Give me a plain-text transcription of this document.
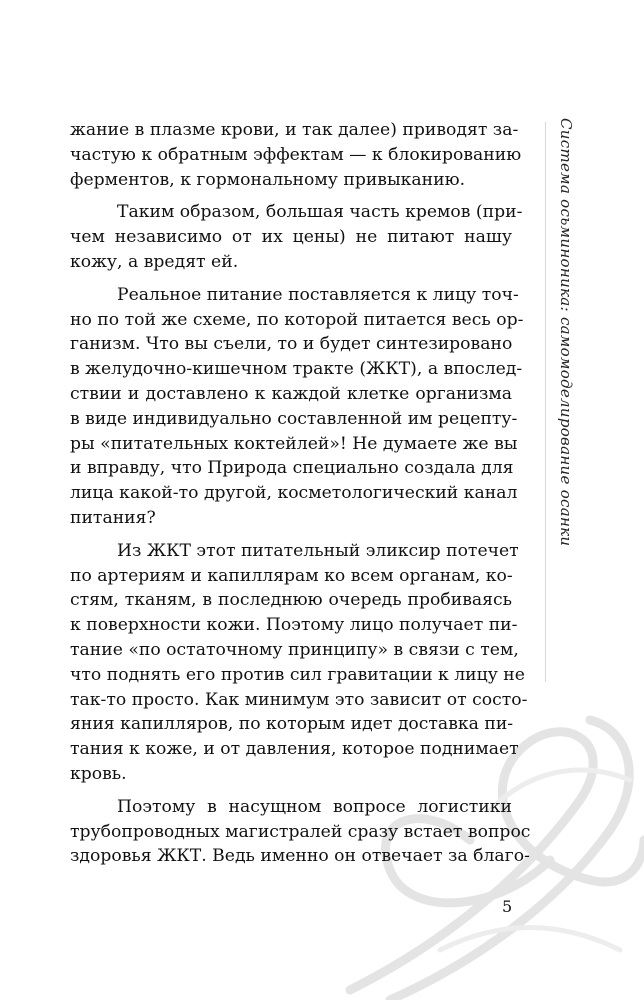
Система осьминоника: самомоделирование осанки
жание в плазме крови, и так далее) приводят за-
частую к обратным эффектам — к блокированию
ферментов, к гормональному привыканию.
Таким образом, большая часть кремов (при-
чем независимо от их цены) не питают нашу
кожу, а вредят ей.
Реальное питание поставляется к лицу точ-
но по той же схеме, по которой питается весь ор-
ганизм. Что вы съели, то и будет синтезировано
в желудочно-кишечном тракте (ЖКТ), а впослед-
ствии и доставлено к каждой клетке организма
в виде индивидуально составленной им рецепту-
ры «питательных коктейлей»! Не думаете же вы
и вправду, что Природа специально создала для
лица какой-то другой, косметологический канал
питания?
Из ЖКТ этот питательный эликсир потечет
по артериям и капиллярам ко всем органам, ко-
стям, тканям, в последнюю очередь пробиваясь
к поверхности кожи. Поэтому лицо получает пи-
тание «по остаточному принципу» в связи с тем,
что поднять его против сил гравитации к лицу не
так-то просто. Как минимум это зависит от состо-
яния капилляров, по которым идет доставка пи-
тания к коже, и от давления, которое поднимает
кровь.
Поэтому в насущном вопросе логистики
трубопроводных магистралей сразу встает вопрос
здоровья ЖКТ. Ведь именно он отвечает за благо-
5
